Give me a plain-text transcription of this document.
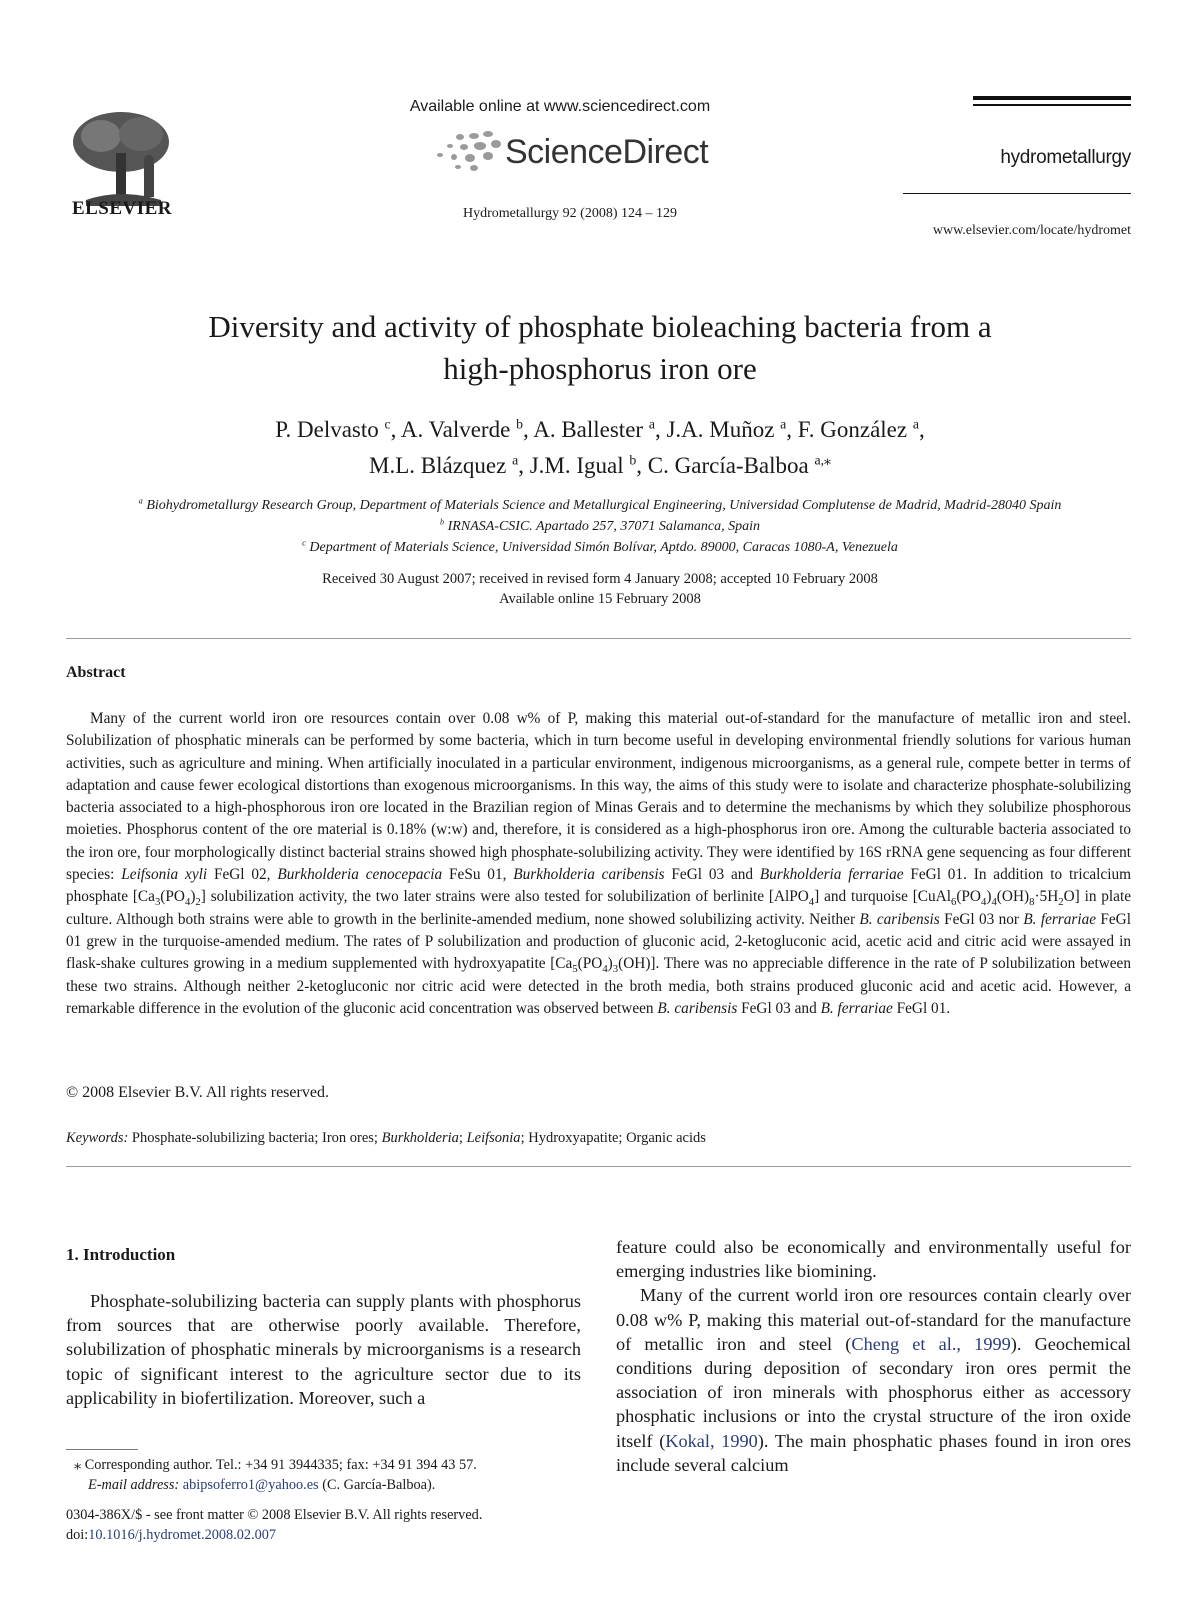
ELSEVIER
Available online at www.sciencedirect.com
ScienceDirect
Hydrometallurgy 92 (2008) 124 – 129
hydrometallurgy
www.elsevier.com/locate/hydromet
Diversity and activity of phosphate bioleaching bacteria from a
high-phosphorus iron ore
P. Delvasto $^c$, A. Valverde $^b$, A. Ballester $^a$, J.A. Muñoz $^a$, F. González $^a$,
M.L. Blázquez $^a$, J.M. Igual $^b$, C. García-Balboa $^{a,⁎}$
$^a$ Biohydrometallurgy Research Group, Department of Materials Science and Metallurgical Engineering, Universidad Complutense de Madrid, Madrid-28040 Spain
$^b$ IRNASA-CSIC. Apartado 257, 37071 Salamanca, Spain
$^c$ Department of Materials Science, Universidad Simón Bolívar, Aptdo. 89000, Caracas 1080-A, Venezuela
Received 30 August 2007; received in revised form 4 January 2008; accepted 10 February 2008
Available online 15 February 2008
Abstract

Many of the current world iron ore resources contain over 0.08 w% of P, making this material out-of-standard for the manufacture of metallic iron and steel. Solubilization of phosphatic minerals can be performed by some bacteria, which in turn become useful in developing environmental friendly solutions for various human activities, such as agriculture and mining. When artificially inoculated in a particular environment, indigenous microorganisms, as a general rule, compete better in terms of adaptation and cause fewer ecological distortions than exogenous microorganisms. In this way, the aims of this study were to isolate and characterize phosphate-solubilizing bacteria associated to a high-phosphorous iron ore located in the Brazilian region of Minas Gerais and to determine the mechanisms by which they solubilize phosphorous moieties. Phosphorus content of the ore material is 0.18% (w:w) and, therefore, it is considered as a high-phosphorus iron ore. Among the culturable bacteria associated to the iron ore, four morphologically distinct bacterial strains showed high phosphate-solubilizing activity. They were identified by 16S rRNA gene sequencing as four different species: Leifsonia xyli FeGl 02, Burkholderia cenocepacia FeSu 01, Burkholderia caribensis FeGl 03 and Burkholderia ferrariae FeGl 01. In addition to tricalcium phosphate $[Ca_3(PO_4)_2]$ solubilization activity, the two later strains were also tested for solubilization of berlinite [AlPO$_4$] and turquoise $[CuAl_6(PO_4)_4(OH)_8\cdot 5H_2O]$ in plate culture. Although both strains were able to growth in the berlinite-amended medium, none showed solubilizing activity. Neither B. caribensis FeGl 03 nor B. ferrariae FeGl 01 grew in the turquoise-amended medium. The rates of P solubilization and production of gluconic acid, 2-ketogluconic acid, acetic acid and citric acid were assayed in flask-shake cultures growing in a medium supplemented with hydroxyapatite $[Ca_5(PO_4)_3(OH)]$. There was no appreciable difference in the rate of P solubilization between these two strains. Although neither 2-ketogluconic nor citric acid were detected in the broth media, both strains produced gluconic acid and acetic acid. However, a remarkable difference in the evolution of the gluconic acid concentration was observed between B. caribensis FeGl 03 and B. ferrariae FeGl 01.

© 2008 Elsevier B.V. All rights reserved.
Keywords: Phosphate-solubilizing bacteria; Iron ores; Burkholderia; Leifsonia; Hydroxyapatite; Organic acids
1. Introduction

Phosphate-solubilizing bacteria can supply plants with phosphorus from sources that are otherwise poorly available. Therefore, solubilization of phosphatic minerals by microorganisms is a research topic of significant interest to the agriculture sector due to its applicability in biofertilization. Moreover, such a

feature could also be economically and environmentally useful for emerging industries like biomining.

Many of the current world iron ore resources contain clearly over 0.08 w% P, making this material out-of-standard for the manufacture of metallic iron and steel (Cheng et al., 1999). Geochemical conditions during deposition of secondary iron ores permit the association of iron minerals with phosphorus either as accessory phosphatic inclusions or into the crystal structure of the iron oxide itself (Kokal, 1990). The main phosphatic phases found in iron ores include several calcium

⁎ Corresponding author. Tel.: +34 91 3944335; fax: +34 91 394 43 57.
E-mail address: abipsoferro1@yahoo.es (C. García-Balboa).
0304-386X/$ - see front matter © 2008 Elsevier B.V. All rights reserved.
doi:10.1016/j.hydromet.2008.02.007
